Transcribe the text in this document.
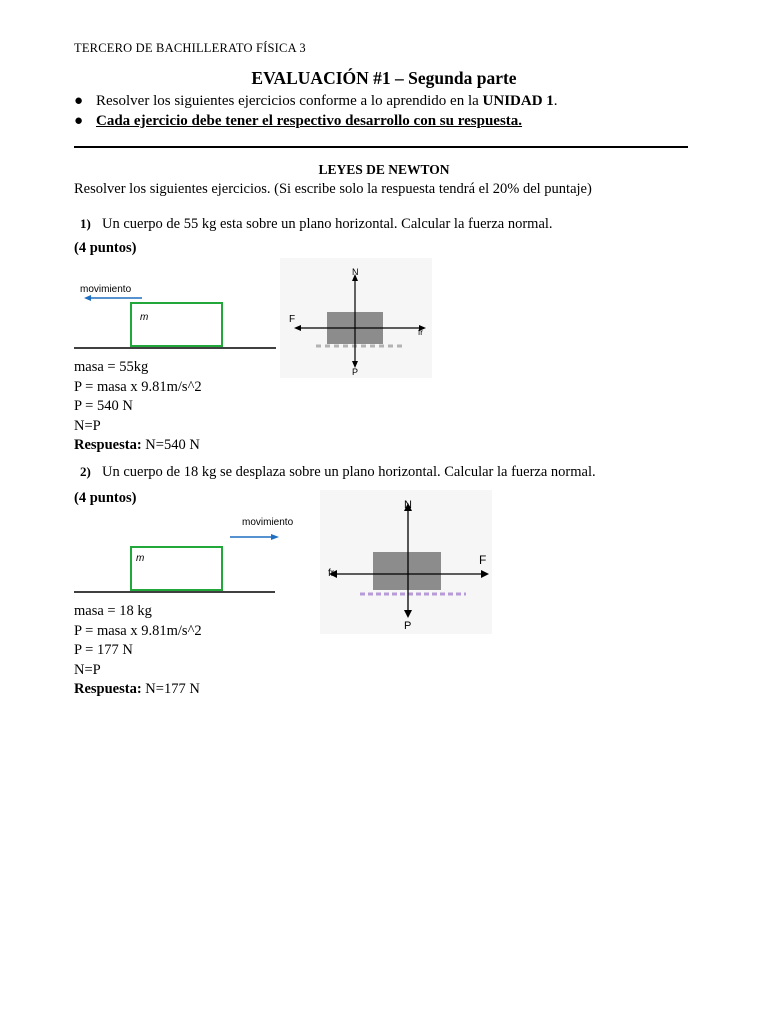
TERCERO DE BACHILLERATO FÍSICA 3
EVALUACIÓN #1 – Segunda parte
● Resolver los siguientes ejercicios conforme a lo aprendido en la UNIDAD 1.
● Cada ejercicio debe tener el respectivo desarrollo con su respuesta.
LEYES DE NEWTON
Resolver los siguientes ejercicios. (Si escribe solo la respuesta tendrá el 20% del puntaje)
1) Un cuerpo de 55 kg esta sobre un plano horizontal. Calcular la fuerza normal.
(4 puntos)
movimiento
m
N
F
fr
P
masa = 55kg
P = masa x 9.81m/s^2
P = 540 N
N=P
Respuesta: N=540 N
2) Un cuerpo de 18 kg se desplaza sobre un plano horizontal. Calcular la fuerza normal.
(4 puntos)
movimiento
m
N
fr
F
P
masa = 18 kg
P = masa x 9.81m/s^2
P = 177 N
N=P
Respuesta: N=177 N
